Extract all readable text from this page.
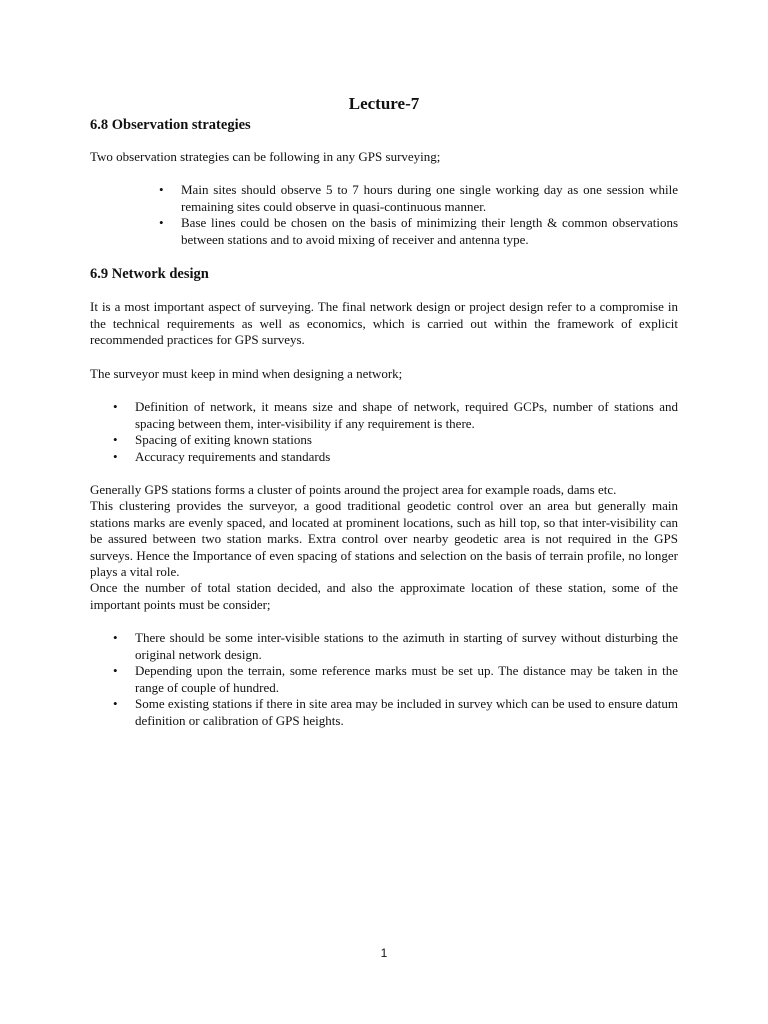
Lecture-7
6.8 Observation strategies

Two observation strategies can be following in any GPS surveying;

• Main sites should observe 5 to 7 hours during one single working day as one session while remaining sites could observe in quasi-continuous manner.
• Base lines could be chosen on the basis of minimizing their length & common observations between stations and to avoid mixing of receiver and antenna type.
6.9 Network design

It is a most important aspect of surveying. The final network design or project design refer to a compromise in the technical requirements as well as economics, which is carried out within the framework of explicit recommended practices for GPS surveys.

The surveyor must keep in mind when designing a network;

• Definition of network, it means size and shape of network, required GCPs, number of stations and spacing between them, inter-visibility if any requirement is there.
• Spacing of exiting known stations
• Accuracy requirements and standards

Generally GPS stations forms a cluster of points around the project area for example roads, dams etc.

This clustering provides the surveyor, a good traditional geodetic control over an area but generally main stations marks are evenly spaced, and located at prominent locations, such as hill top, so that inter-visibility can be assured between two station marks. Extra control over nearby geodetic area is not required in the GPS surveys. Hence the Importance of even spacing of stations and selection on the basis of terrain profile, no longer plays a vital role.

Once the number of total station decided, and also the approximate location of these station, some of the important points must be consider;

• There should be some inter-visible stations to the azimuth in starting of survey without disturbing the original network design.
• Depending upon the terrain, some reference marks must be set up. The distance may be taken in the range of couple of hundred.
• Some existing stations if there in site area may be included in survey which can be used to ensure datum definition or calibration of GPS heights.
1
